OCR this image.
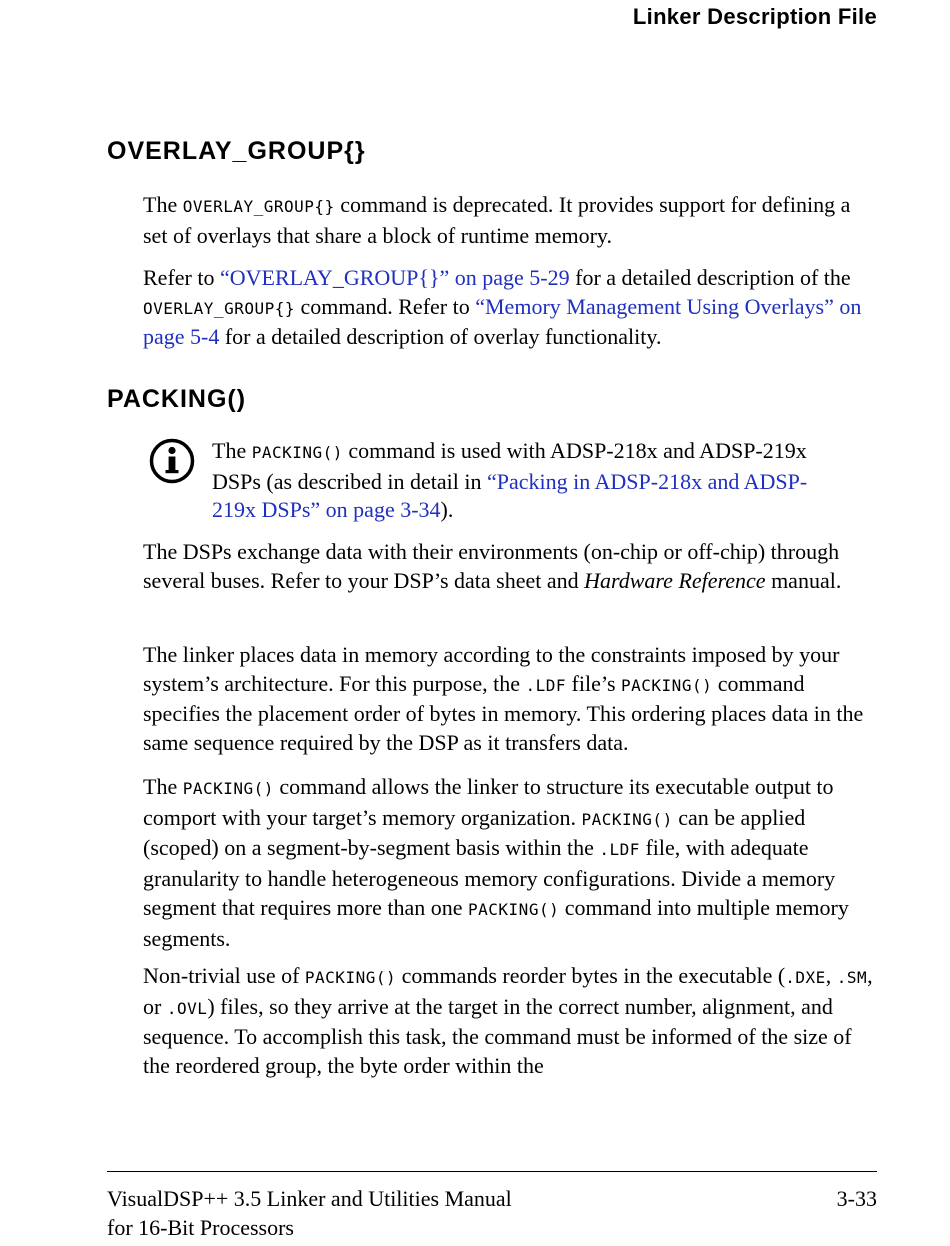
Linker Description File
OVERLAY_GROUP{}

The OVERLAY_GROUP{} command is deprecated. It provides support for defining a set of overlays that share a block of runtime memory.

Refer to “OVERLAY_GROUP{}” on page 5-29 for a detailed description of the OVERLAY_GROUP{} command. Refer to “Memory Management Using Overlays” on page 5-4 for a detailed description of overlay functionality.

PACKING()

The PACKING() command is used with ADSP-218x and ADSP-219x DSPs (as described in detail in “Packing in ADSP-218x and ADSP-219x DSPs” on page 3-34).

The DSPs exchange data with their environments (on-chip or off-chip) through several buses. Refer to your DSP’s data sheet and Hardware Reference manual.

The linker places data in memory according to the constraints imposed by your system’s architecture. For this purpose, the .LDF file’s PACKING() command specifies the placement order of bytes in memory. This ordering places data in the same sequence required by the DSP as it transfers data.

The PACKING() command allows the linker to structure its executable output to comport with your target’s memory organization. PACKING() can be applied (scoped) on a segment-by-segment basis within the .LDF file, with adequate granularity to handle heterogeneous memory configurations. Divide a memory segment that requires more than one PACKING() command into multiple memory segments.

Non-trivial use of PACKING() commands reorder bytes in the executable (.DXE, .SM, or .OVL) files, so they arrive at the target in the correct number, alignment, and sequence. To accomplish this task, the command must be informed of the size of the reordered group, the byte order within the

VisualDSP++ 3.5 Linker and Utilities Manual
for 16-Bit Processors
3-33
